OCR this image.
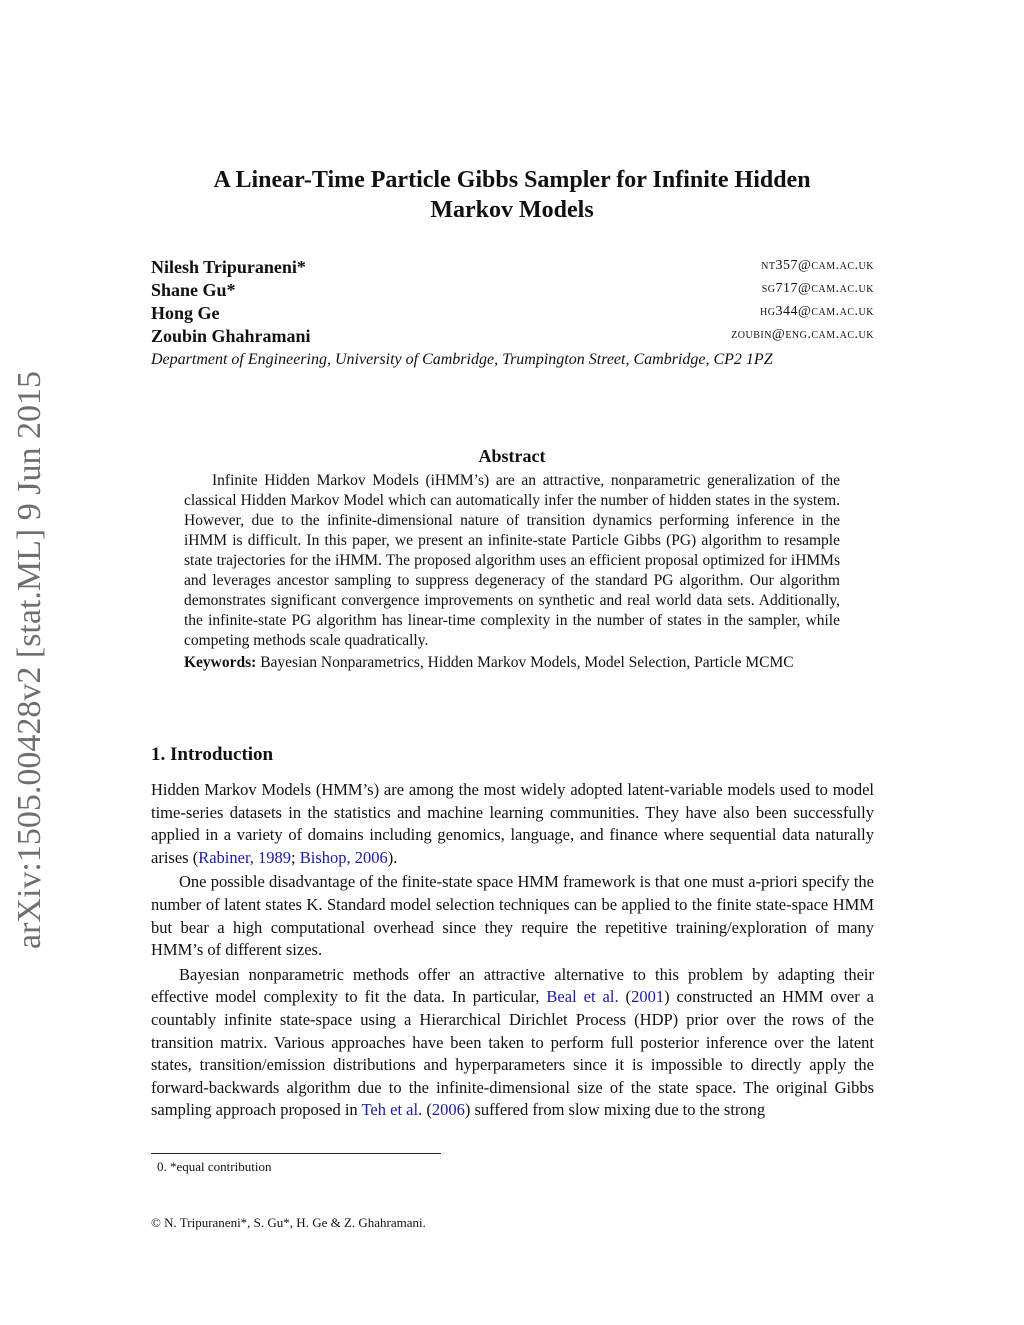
arXiv:1505.00428v2 [stat.ML] 9 Jun 2015
A Linear-Time Particle Gibbs Sampler for Infinite Hidden
Markov Models
Nilesh Tripuraneni*	nt357@cam.ac.uk
Shane Gu*	sg717@cam.ac.uk
Hong Ge	hg344@cam.ac.uk
Zoubin Ghahramani	zoubin@eng.cam.ac.uk
Department of Engineering, University of Cambridge, Trumpington Street, Cambridge, CP2 1PZ
Abstract

Infinite Hidden Markov Models (iHMM’s) are an attractive, nonparametric generalization of the classical Hidden Markov Model which can automatically infer the number of hidden states in the system. However, due to the infinite-dimensional nature of transition dynamics performing inference in the iHMM is difficult. In this paper, we present an infinite-state Particle Gibbs (PG) algorithm to resample state trajectories for the iHMM. The proposed algorithm uses an efficient proposal optimized for iHMMs and leverages ancestor sampling to suppress degeneracy of the standard PG algorithm. Our algorithm demonstrates significant convergence improvements on synthetic and real world data sets. Additionally, the infinite-state PG algorithm has linear-time complexity in the number of states in the sampler, while competing methods scale quadratically.

Keywords: Bayesian Nonparametrics, Hidden Markov Models, Model Selection, Particle MCMC
1. Introduction

Hidden Markov Models (HMM’s) are among the most widely adopted latent-variable models used to model time-series datasets in the statistics and machine learning communities. They have also been successfully applied in a variety of domains including genomics, language, and finance where sequential data naturally arises (Rabiner, 1989; Bishop, 2006).

One possible disadvantage of the finite-state space HMM framework is that one must a-priori specify the number of latent states K. Standard model selection techniques can be applied to the finite state-space HMM but bear a high computational overhead since they require the repetitive training/exploration of many HMM’s of different sizes.

Bayesian nonparametric methods offer an attractive alternative to this problem by adapting their effective model complexity to fit the data. In particular, Beal et al. (2001) constructed an HMM over a countably infinite state-space using a Hierarchical Dirichlet Process (HDP) prior over the rows of the transition matrix. Various approaches have been taken to perform full posterior inference over the latent states, transition/emission distributions and hyperparameters since it is impossible to directly apply the forward-backwards algorithm due to the infinite-dimensional size of the state space. The original Gibbs sampling approach proposed in Teh et al. (2006) suffered from slow mixing due to the strong

0. *equal contribution
© N. Tripuraneni*, S. Gu*, H. Ge & Z. Ghahramani.
